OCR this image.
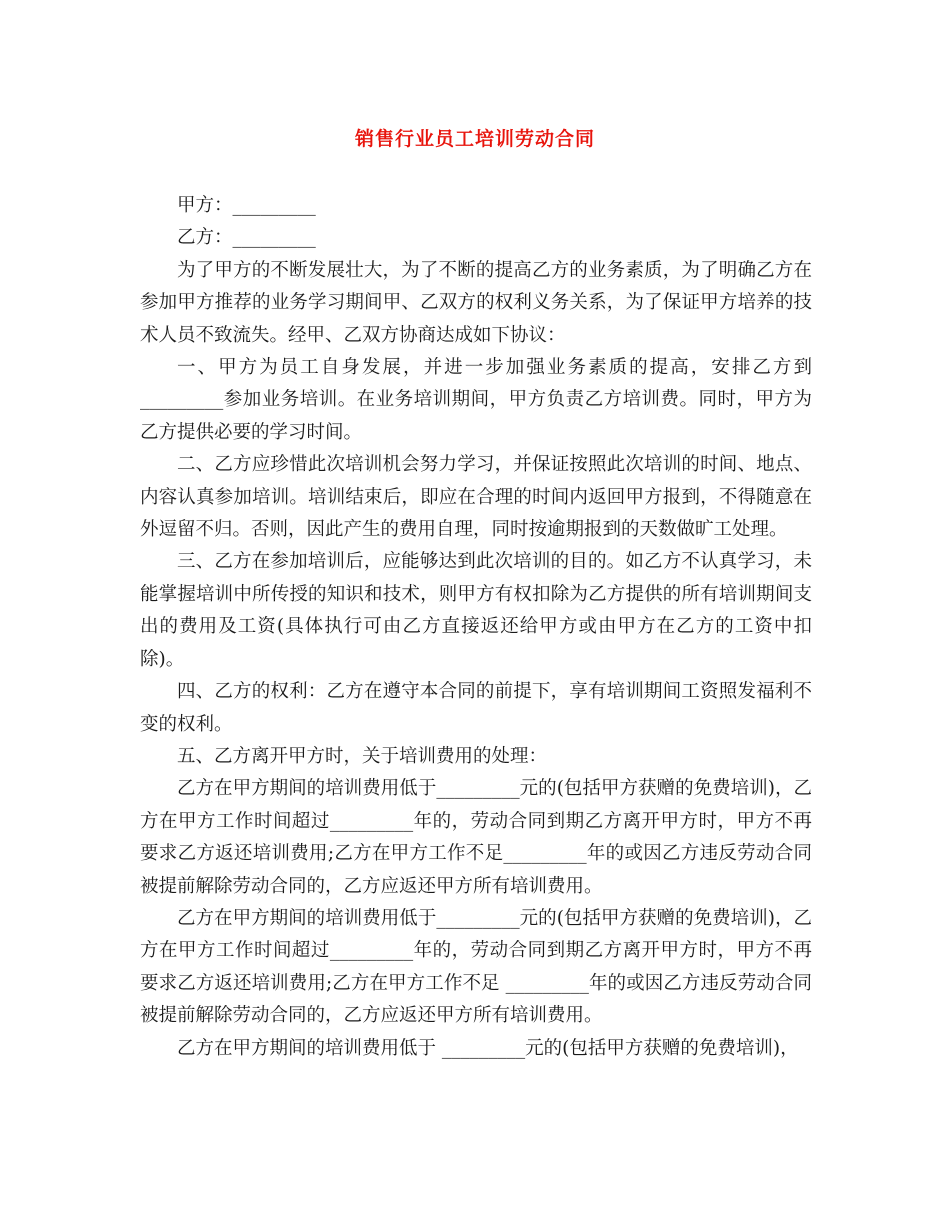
销售行业员工培训劳动合同

甲方：_________

乙方：_________

为了甲方的不断发展壮大，为了不断的提高乙方的业务素质，为了明确乙方在参加甲方推荐的业务学习期间甲、乙双方的权利义务关系，为了保证甲方培养的技术人员不致流失。经甲、乙双方协商达成如下协议：

一、甲方为员工自身发展，并进一步加强业务素质的提高，安排乙方到_________参加业务培训。在业务培训期间，甲方负责乙方培训费。同时，甲方为乙方提供必要的学习时间。

二、乙方应珍惜此次培训机会努力学习，并保证按照此次培训的时间、地点、内容认真参加培训。培训结束后，即应在合理的时间内返回甲方报到，不得随意在外逗留不归。否则，因此产生的费用自理，同时按逾期报到的天数做旷工处理。

三、乙方在参加培训后，应能够达到此次培训的目的。如乙方不认真学习，未能掌握培训中所传授的知识和技术，则甲方有权扣除为乙方提供的所有培训期间支出的费用及工资(具体执行可由乙方直接返还给甲方或由甲方在乙方的工资中扣除)。

四、乙方的权利：乙方在遵守本合同的前提下，享有培训期间工资照发福利不变的权利。

五、乙方离开甲方时，关于培训费用的处理：

乙方在甲方期间的培训费用低于_________元的(包括甲方获赠的免费培训)，乙方在甲方工作时间超过_________年的，劳动合同到期乙方离开甲方时，甲方不再要求乙方返还培训费用;乙方在甲方工作不足_________年的或因乙方违反劳动合同被提前解除劳动合同的，乙方应返还甲方所有培训费用。

乙方在甲方期间的培训费用低于_________元的(包括甲方获赠的免费培训)，乙方在甲方工作时间超过_________年的，劳动合同到期乙方离开甲方时，甲方不再要求乙方返还培训费用;乙方在甲方工作不足 _________年的或因乙方违反劳动合同被提前解除劳动合同的，乙方应返还甲方所有培训费用。

乙方在甲方期间的培训费用低于 _________元的(包括甲方获赠的免费培训)，
